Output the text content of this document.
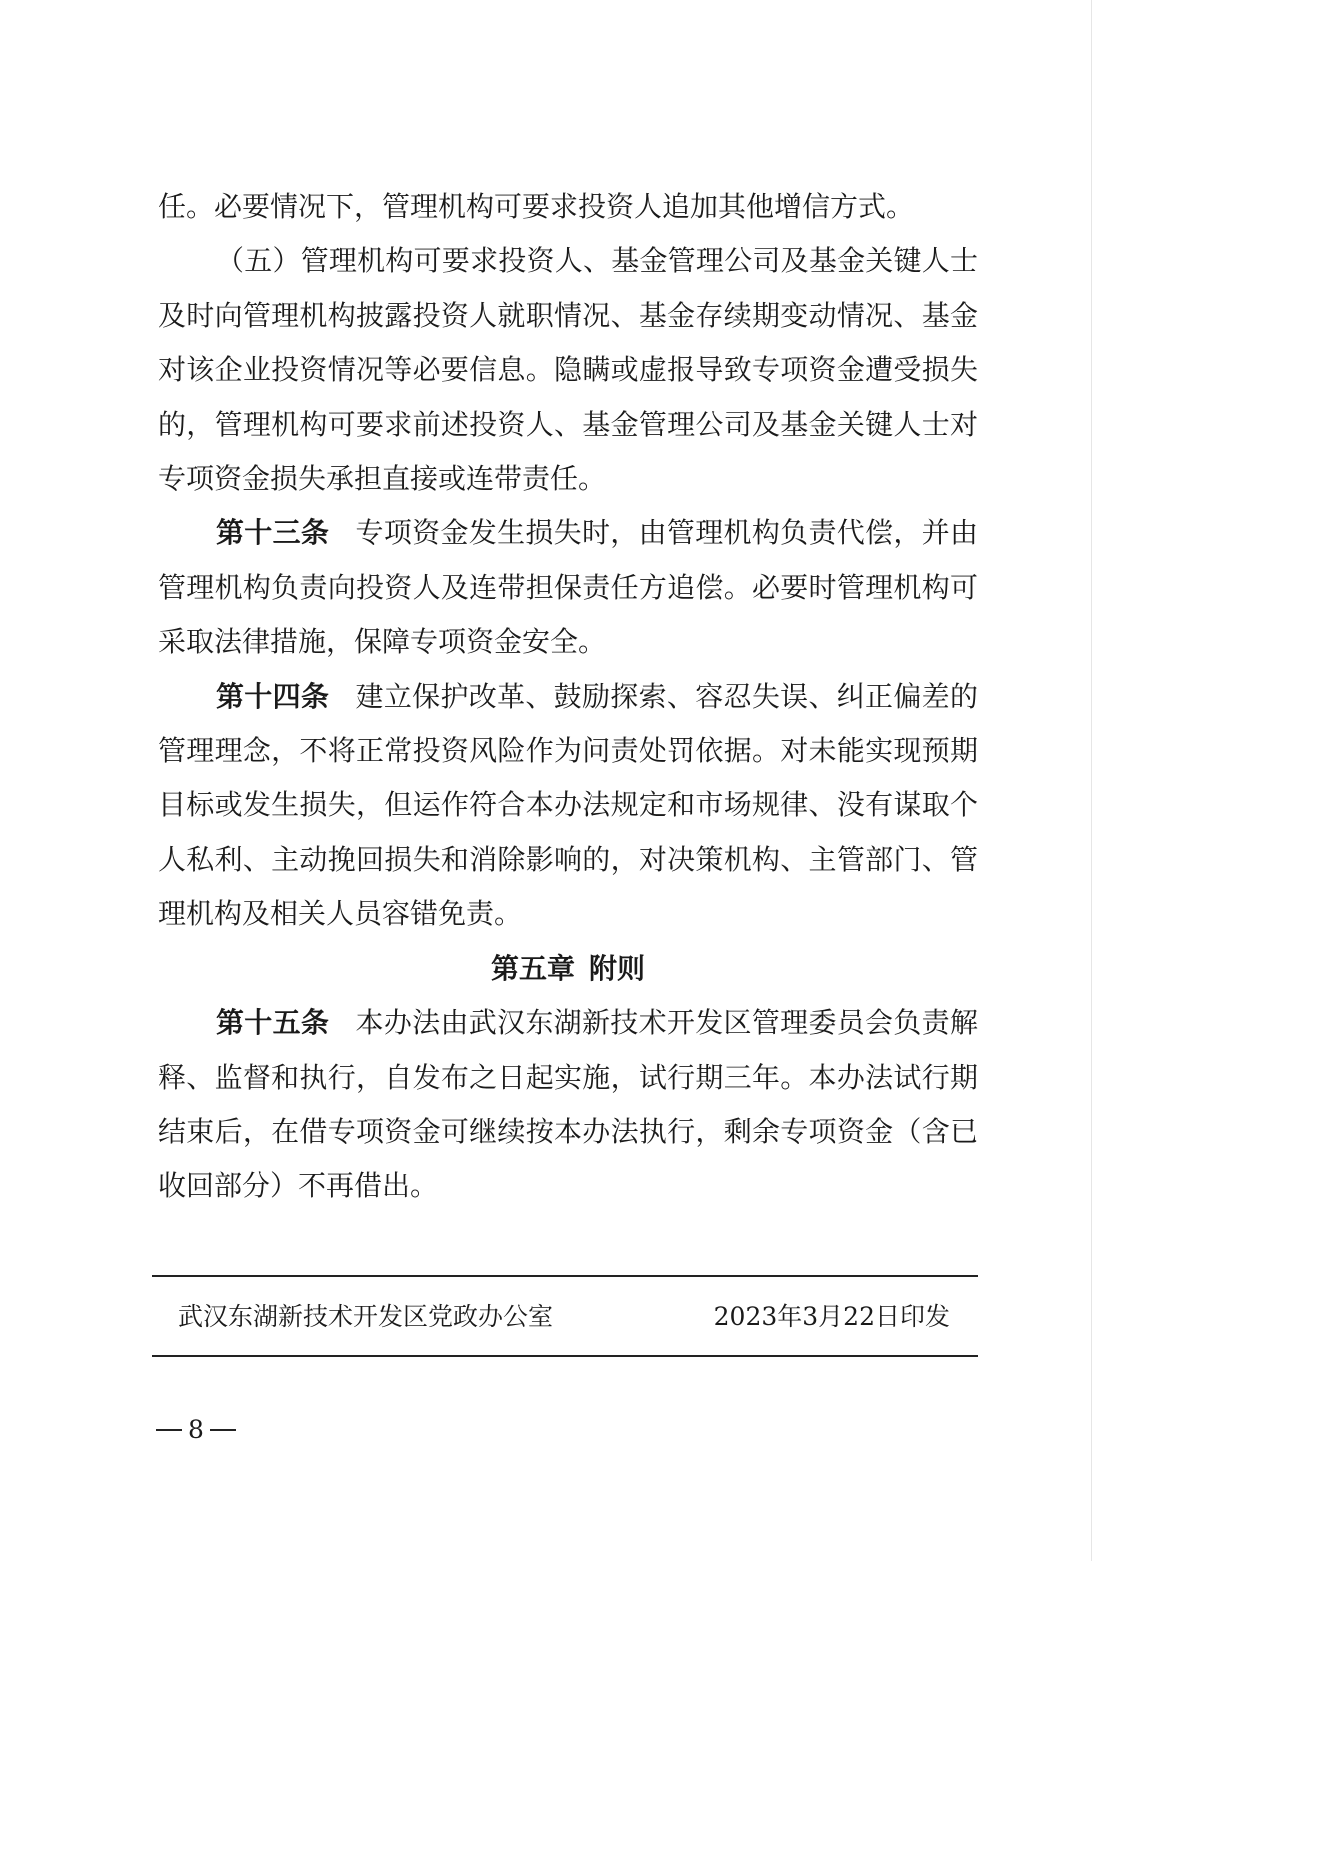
任。必要情况下，管理机构可要求投资人追加其他增信方式。

（五）管理机构可要求投资人、基金管理公司及基金关键人士及时向管理机构披露投资人就职情况、基金存续期变动情况、基金对该企业投资情况等必要信息。隐瞒或虚报导致专项资金遭受损失的，管理机构可要求前述投资人、基金管理公司及基金关键人士对专项资金损失承担直接或连带责任。

第十三条 专项资金发生损失时，由管理机构负责代偿，并由管理机构负责向投资人及连带担保责任方追偿。必要时管理机构可采取法律措施，保障专项资金安全。

第十四条 建立保护改革、鼓励探索、容忍失误、纠正偏差的管理理念，不将正常投资风险作为问责处罚依据。对未能实现预期目标或发生损失，但运作符合本办法规定和市场规律、没有谋取个人私利、主动挽回损失和消除影响的，对决策机构、主管部门、管理机构及相关人员容错免责。

第五章 附则

第十五条 本办法由武汉东湖新技术开发区管理委员会负责解释、监督和执行，自发布之日起实施，试行期三年。本办法试行期结束后，在借专项资金可继续按本办法执行，剩余专项资金（含已收回部分）不再借出。

武汉东湖新技术开发区党政办公室	2023年3月22日印发
8
